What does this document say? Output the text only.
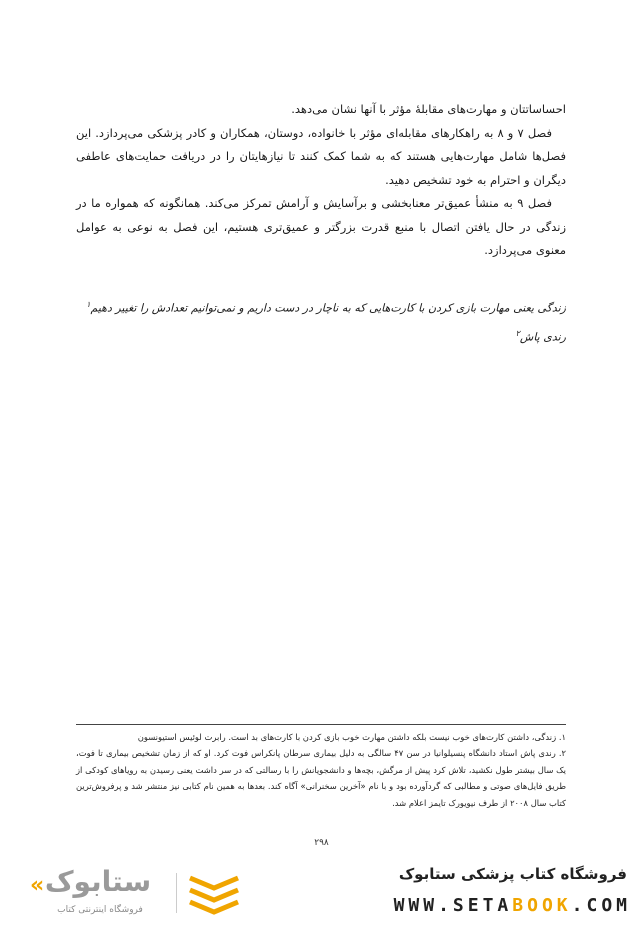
احساساتتان و مهارت‌های مقابلهٔ مؤثر با آنها نشان می‌دهد.

فصل ۷ و ۸ به راهکارهای مقابله‌ای مؤثر با خانواده، دوستان، همکاران و کادر پزشکی می‌پردازد. این فصل‌ها شامل مهارت‌هایی هستند که به شما کمک کنند تا نیازهایتان را در دریافت حمایت‌های عاطفی دیگران و احترام به خود تشخیص دهید.

فصل ۹ به منشأ عمیق‌تر معنابخشی و برآسایش و آرامش تمرکز می‌کند. همانگونه که همواره ما در زندگی در حال یافتن اتصال با منبع قدرت بزرگتر و عمیق‌تری هستیم، این فصل به نوعی به عوامل معنوی می‌پردازد.

زندگی یعنی مهارت بازی کردن با کارت‌هایی که به ناچار در دست داریم و نمی‌توانیم تعدادش را تغییر دهیم$^۱$

رندی پاش$^۲$

۱. زندگی، داشتن کارت‌های خوب نیست بلکه داشتن مهارت خوب بازی کردن با کارت‌های بد است. رابرت لوئیس استیونسون

۲. رندی پاش استاد دانشگاه پنسیلوانیا در سن ۴۷ سالگی به دلیل بیماری سرطان پانکراس فوت کرد. او که از زمان تشخیص بیماری تا فوت، یک سال بیشتر طول نکشید، تلاش کرد پیش از مرگش، بچه‌ها و دانشجویانش را با رسالتی که در سر داشت یعنی رسیدن به رویاهای کودکی از طریق فایل‌های صوتی و مطالبی که گردآورده بود و با نام «آخرین سخنرانی» آگاه کند. بعدها به همین نام کتابی نیز منتشر شد و پرفروش‌ترین کتاب سال ۲۰۰۸ از طرف نیویورک تایمز اعلام شد.

۲۹۸
فروشگاه کتاب پزشکی ستابوک
WWW.SETABOOK.COM
« ستابوک
فروشگاه اینترنتی کتاب
